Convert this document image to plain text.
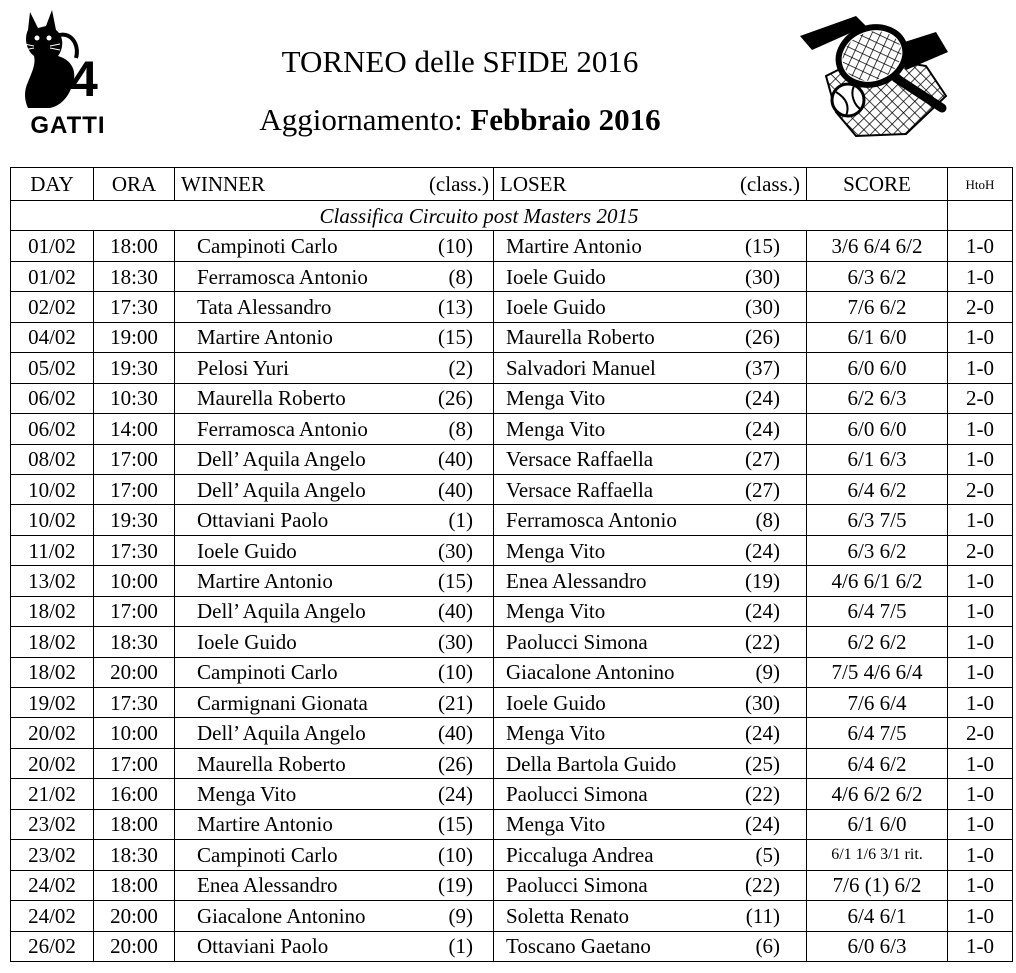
4
GATTI
TORNEO delle SFIDE 2016
Aggiornamento: Febbraio 2016
DAY	ORA	WINNER (class.)	LOSER (class.)	SCORE	HtoH
Classifica Circuito post Masters 2015					
01/02	18:00	Campinoti Carlo (10)	Martire Antonio (15)	3/6 6/4 6/2	1-0
01/02	18:30	Ferramosca Antonio (8)	Ioele Guido (30)	6/3 6/2	1-0
02/02	17:30	Tata Alessandro (13)	Ioele Guido (30)	7/6 6/2	2-0
04/02	19:00	Martire Antonio (15)	Maurella Roberto (26)	6/1 6/0	1-0
05/02	19:30	Pelosi Yuri (2)	Salvadori Manuel (37)	6/0 6/0	1-0
06/02	10:30	Maurella Roberto (26)	Menga Vito (24)	6/2 6/3	2-0
06/02	14:00	Ferramosca Antonio (8)	Menga Vito (24)	6/0 6/0	1-0
08/02	17:00	Dell’ Aquila Angelo (40)	Versace Raffaella (27)	6/1 6/3	1-0
10/02	17:00	Dell’ Aquila Angelo (40)	Versace Raffaella (27)	6/4 6/2	2-0
10/02	19:30	Ottaviani Paolo (1)	Ferramosca Antonio (8)	6/3 7/5	1-0
11/02	17:30	Ioele Guido (30)	Menga Vito (24)	6/3 6/2	2-0
13/02	10:00	Martire Antonio (15)	Enea Alessandro (19)	4/6 6/1 6/2	1-0
18/02	17:00	Dell’ Aquila Angelo (40)	Menga Vito (24)	6/4 7/5	1-0
18/02	18:30	Ioele Guido (30)	Paolucci Simona (22)	6/2 6/2	1-0
18/02	20:00	Campinoti Carlo (10)	Giacalone Antonino (9)	7/5 4/6 6/4	1-0
19/02	17:30	Carmignani Gionata (21)	Ioele Guido (30)	7/6 6/4	1-0
20/02	10:00	Dell’ Aquila Angelo (40)	Menga Vito (24)	6/4 7/5	2-0
20/02	17:00	Maurella Roberto (26)	Della Bartola Guido (25)	6/4 6/2	1-0
21/02	16:00	Menga Vito (24)	Paolucci Simona (22)	4/6 6/2 6/2	1-0
23/02	18:00	Martire Antonio (15)	Menga Vito (24)	6/1 6/0	1-0
23/02	18:30	Campinoti Carlo (10)	Piccaluga Andrea (5)	6/1 1/6 3/1 rit.	1-0
24/02	18:00	Enea Alessandro (19)	Paolucci Simona (22)	7/6 (1) 6/2	1-0
24/02	20:00	Giacalone Antonino (9)	Soletta Renato (11)	6/4 6/1	1-0
26/02	20:00	Ottaviani Paolo (1)	Toscano Gaetano (6)	6/0 6/3	1-0
